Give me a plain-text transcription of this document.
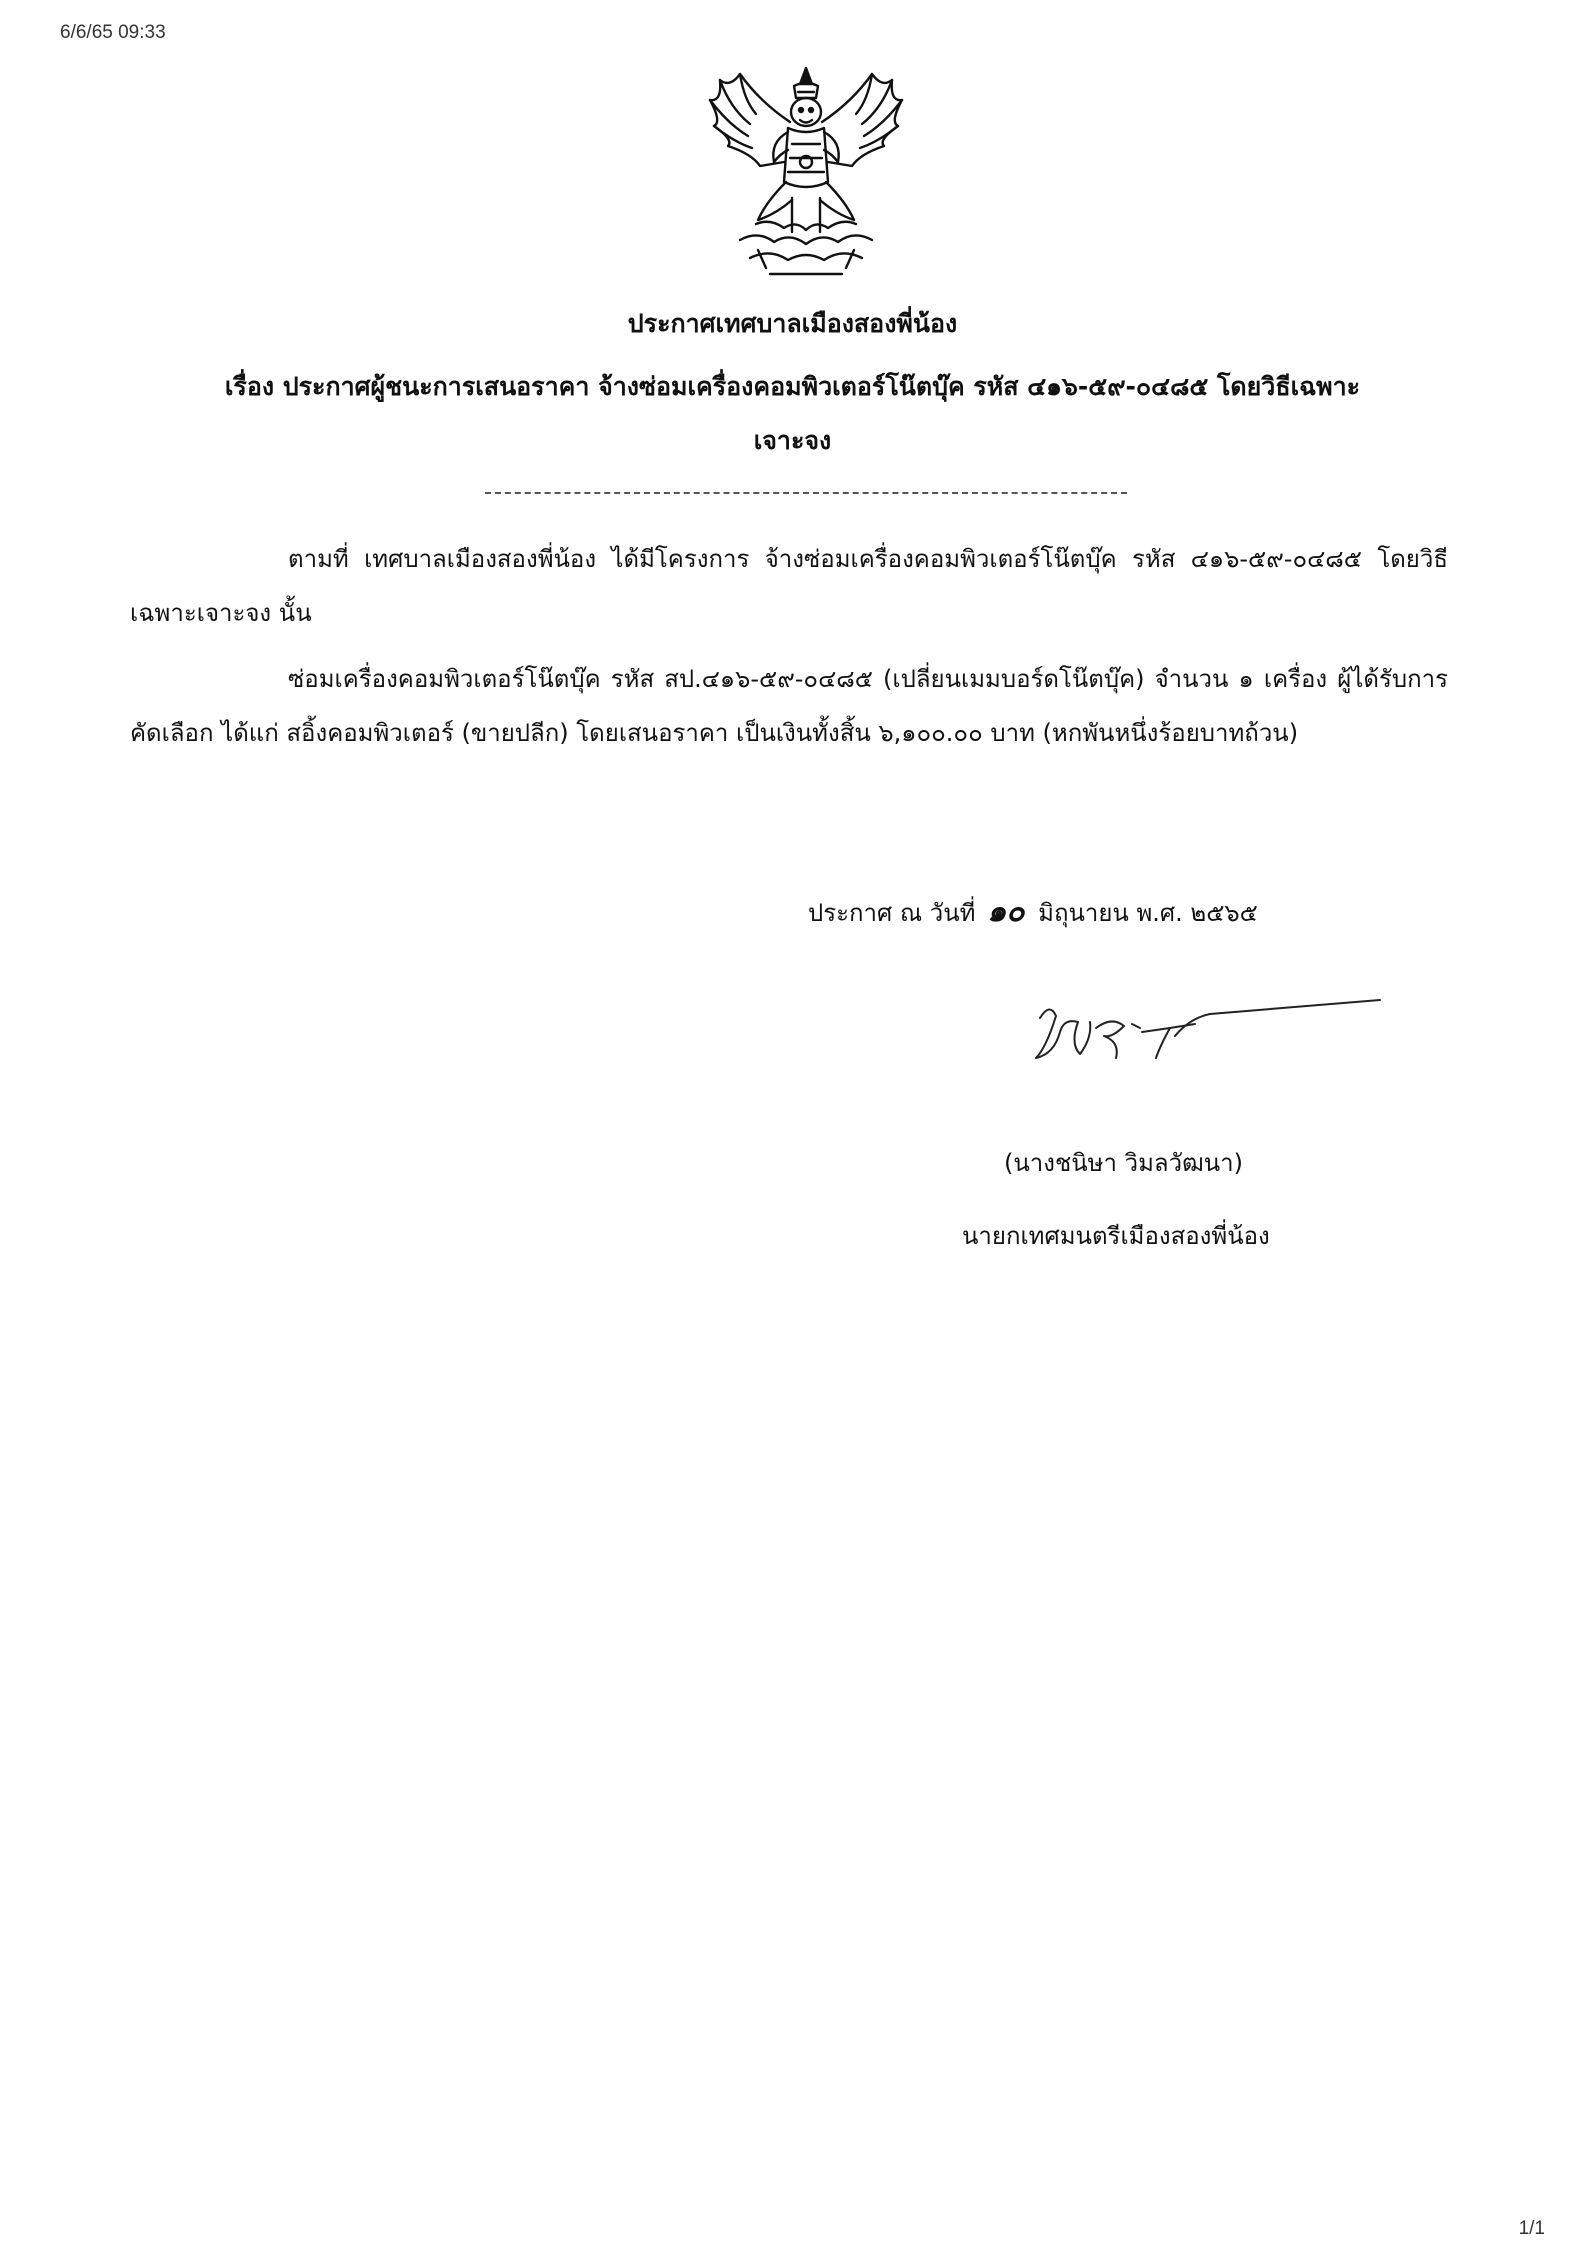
6/6/65 09:33
ประกาศเทศบาลเมืองสองพี่น้อง
เรื่อง ประกาศผู้ชนะการเสนอราคา จ้างซ่อมเครื่องคอมพิวเตอร์โน๊ตบุ๊ค รหัส ๔๑๖-๕๙-๐๔๘๕ โดยวิธีเฉพาะ
เจาะจง
ตามที่ เทศบาลเมืองสองพี่น้อง ได้มีโครงการ จ้างซ่อมเครื่องคอมพิวเตอร์โน๊ตบุ๊ค รหัส ๔๑๖-๕๙-๐๔๘๕ โดยวิธีเฉพาะเจาะจง นั้น
ซ่อมเครื่องคอมพิวเตอร์โน๊ตบุ๊ค รหัส สป.๔๑๖-๕๙-๐๔๘๕ (เปลี่ยนเมมบอร์ดโน๊ตบุ๊ค) จำนวน ๑ เครื่อง ผู้ได้รับการคัดเลือก ได้แก่ สอิ้งคอมพิวเตอร์ (ขายปลีก) โดยเสนอราคา เป็นเงินทั้งสิ้น ๖,๑๐๐.๐๐ บาท (หกพันหนึ่งร้อยบาทถ้วน)
ประกาศ ณ วันที่ ๑๐ มิถุนายน พ.ศ. ๒๕๖๕
(นางชนิษา วิมลวัฒนา)
นายกเทศมนตรีเมืองสองพี่น้อง
1/1
